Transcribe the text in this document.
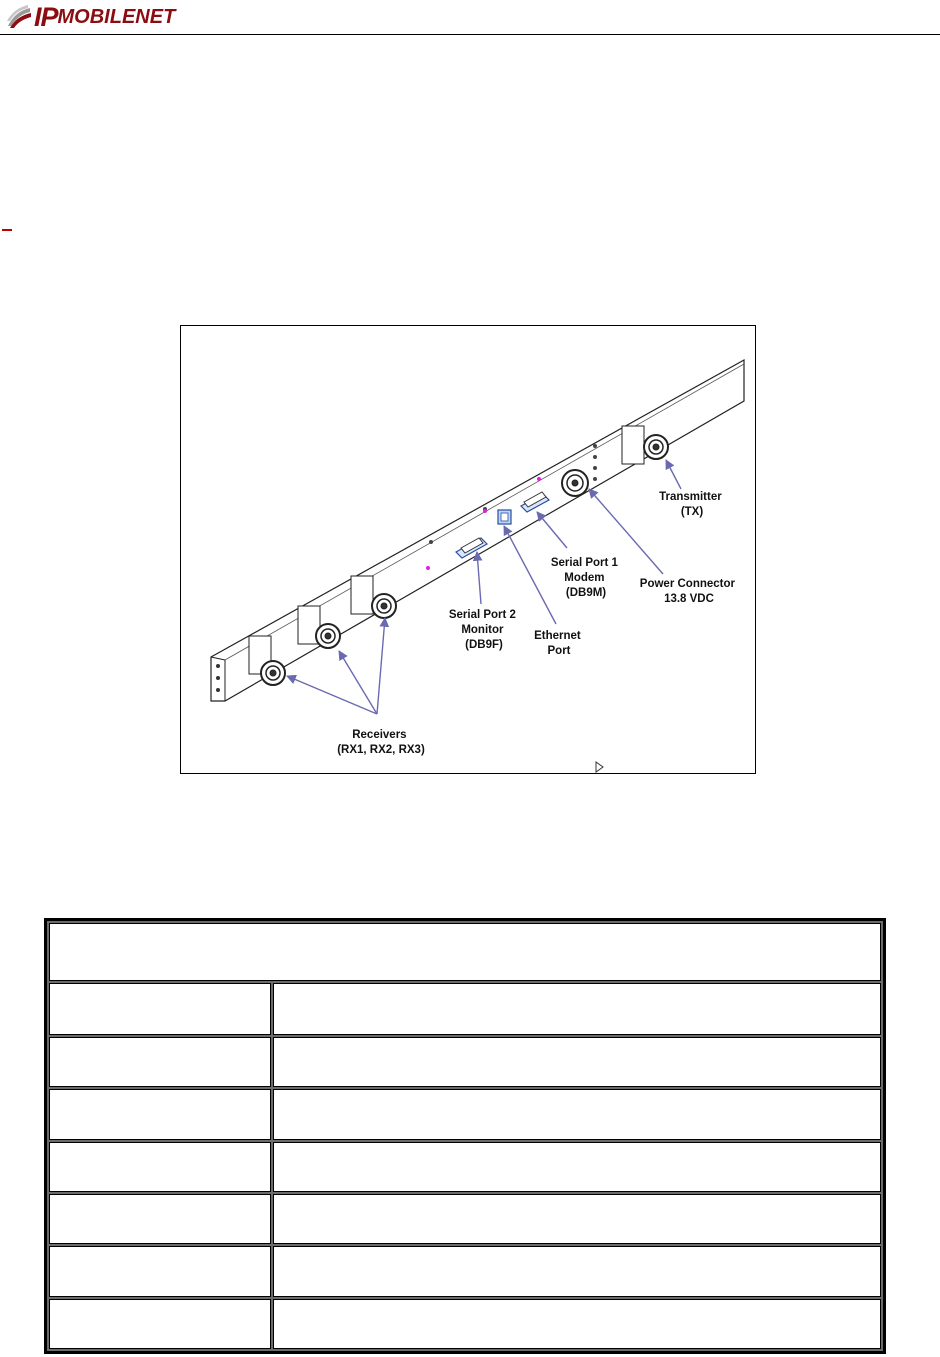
IP MOBILENET
Transmitter (TX)
Power Connector 13.8 VDC
Serial Port 1 Modem (DB9M)
Serial Port 2 Monitor (DB9F)
Ethernet Port
Receivers (RX1, RX2, RX3)
